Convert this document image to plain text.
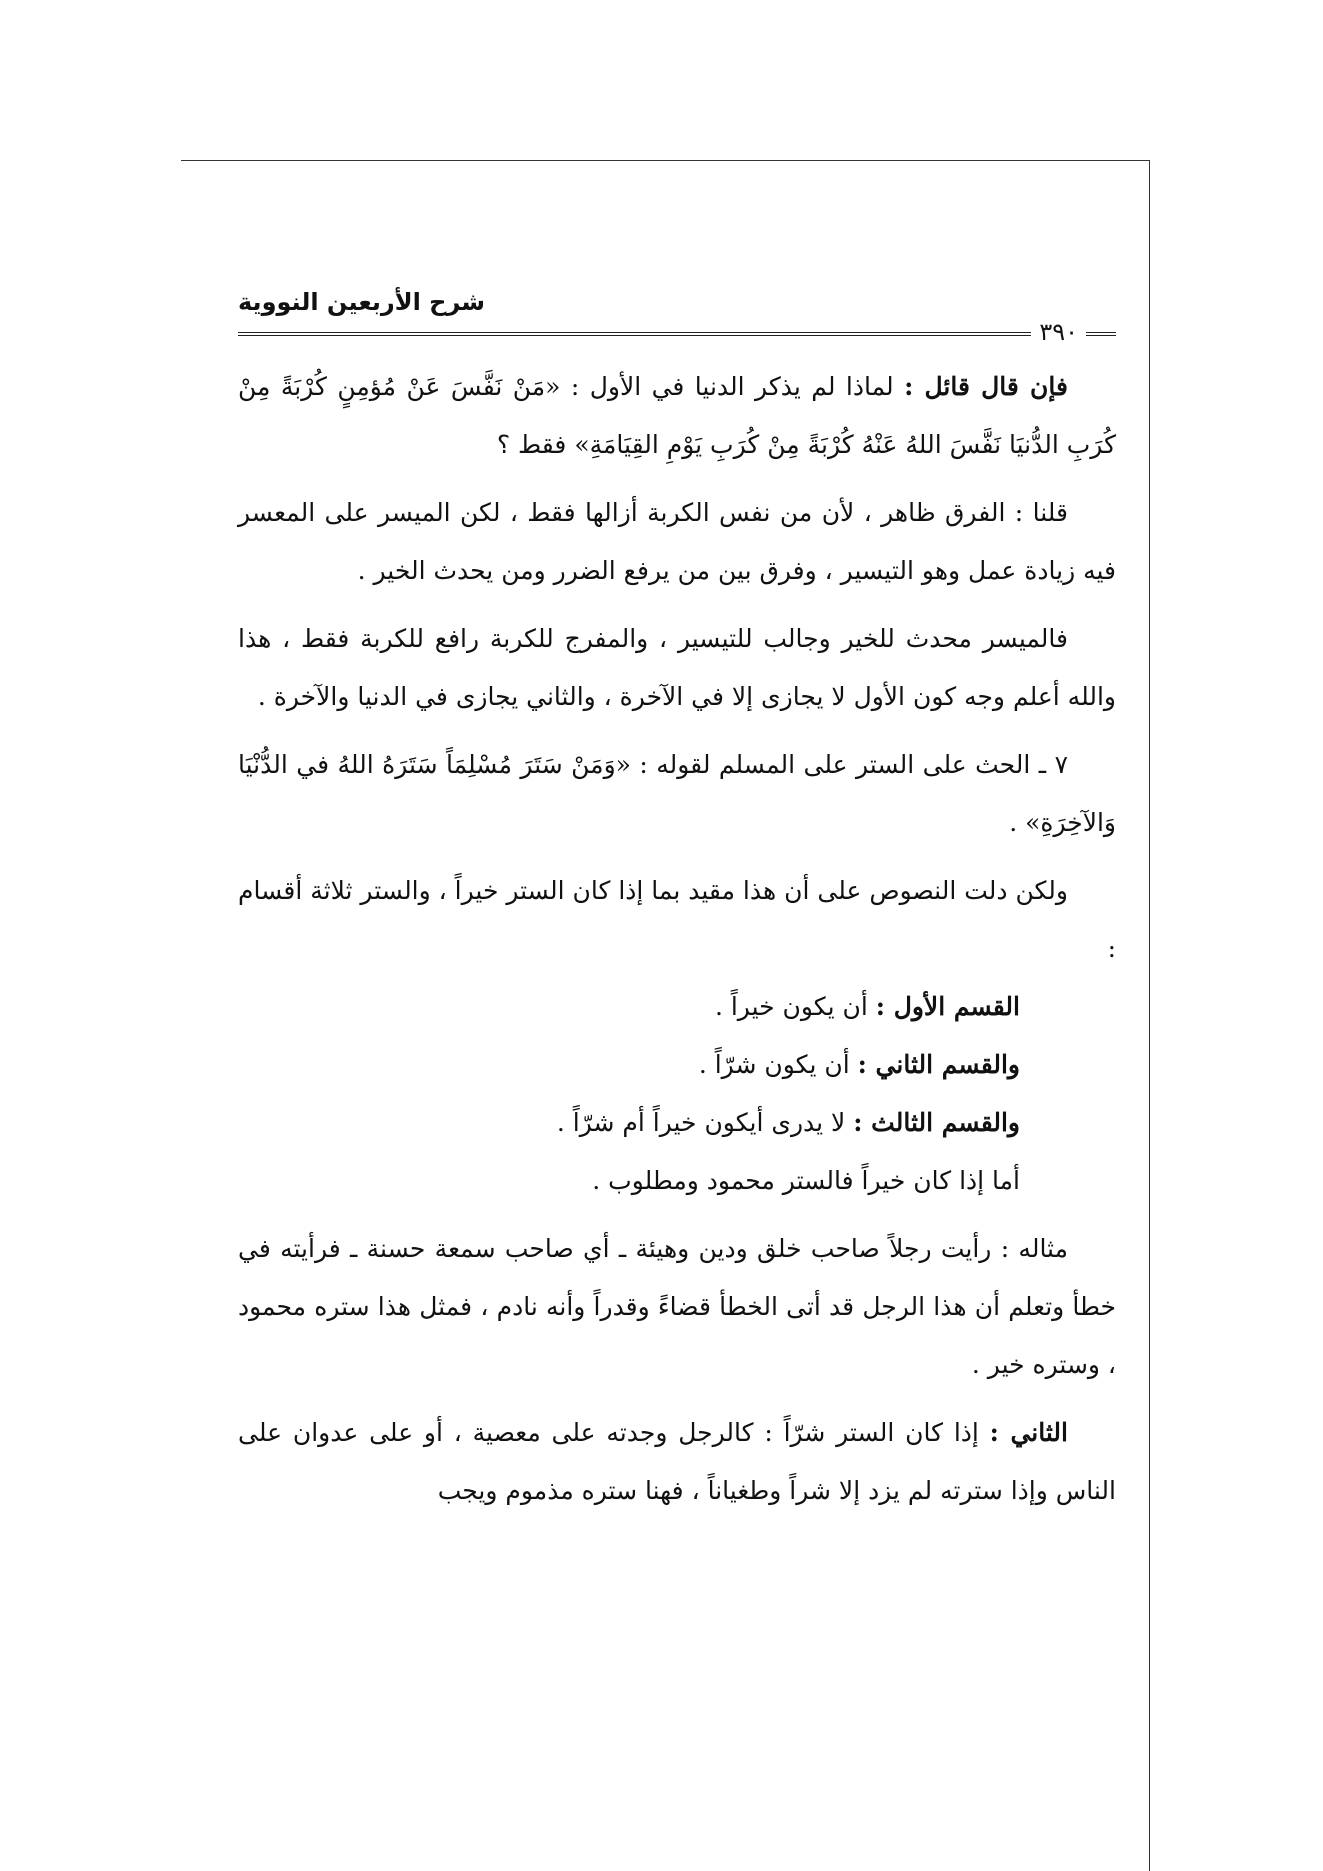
شرح الأربعين النووية
٣٩٠

فإن قال قائل : لماذا لم يذكر الدنيا في الأول : «مَنْ نَفَّسَ عَنْ مُؤمِنٍ كُرْبَةً مِنْ كُرَبِ الدُّنيَا نَفَّسَ اللهُ عَنْهُ كُرْبَةً مِنْ كُرَبِ يَوْمِ القِيَامَةِ» فقط ؟

قلنا : الفرق ظاهر ، لأن من نفس الكربة أزالها فقط ، لكن الميسر على المعسر فيه زيادة عمل وهو التيسير ، وفرق بين من يرفع الضرر ومن يحدث الخير .

فالميسر محدث للخير وجالب للتيسير ، والمفرج للكربة رافع للكربة فقط ، هذا والله أعلم وجه كون الأول لا يجازى إلا في الآخرة ، والثاني يجازى في الدنيا والآخرة .

٧ ـ الحث على الستر على المسلم لقوله : «وَمَنْ سَتَرَ مُسْلِمَاً سَتَرَهُ اللهُ في الدُّنْيَا وَالآخِرَةِ» .

ولكن دلت النصوص على أن هذا مقيد بما إذا كان الستر خيراً ، والستر ثلاثة أقسام :

القسم الأول : أن يكون خيراً .

والقسم الثاني : أن يكون شرّاً .

والقسم الثالث : لا يدرى أيكون خيراً أم شرّاً .

أما إذا كان خيراً فالستر محمود ومطلوب .

مثاله : رأيت رجلاً صاحب خلق ودين وهيئة ـ أي صاحب سمعة حسنة ـ فرأيته في خطأ وتعلم أن هذا الرجل قد أتى الخطأ قضاءً وقدراً وأنه نادم ، فمثل هذا ستره محمود ، وستره خير .

الثاني : إذا كان الستر شرّاً : كالرجل وجدته على معصية ، أو على عدوان على الناس وإذا سترته لم يزد إلا شراً وطغياناً ، فهنا ستره مذموم ويجب
